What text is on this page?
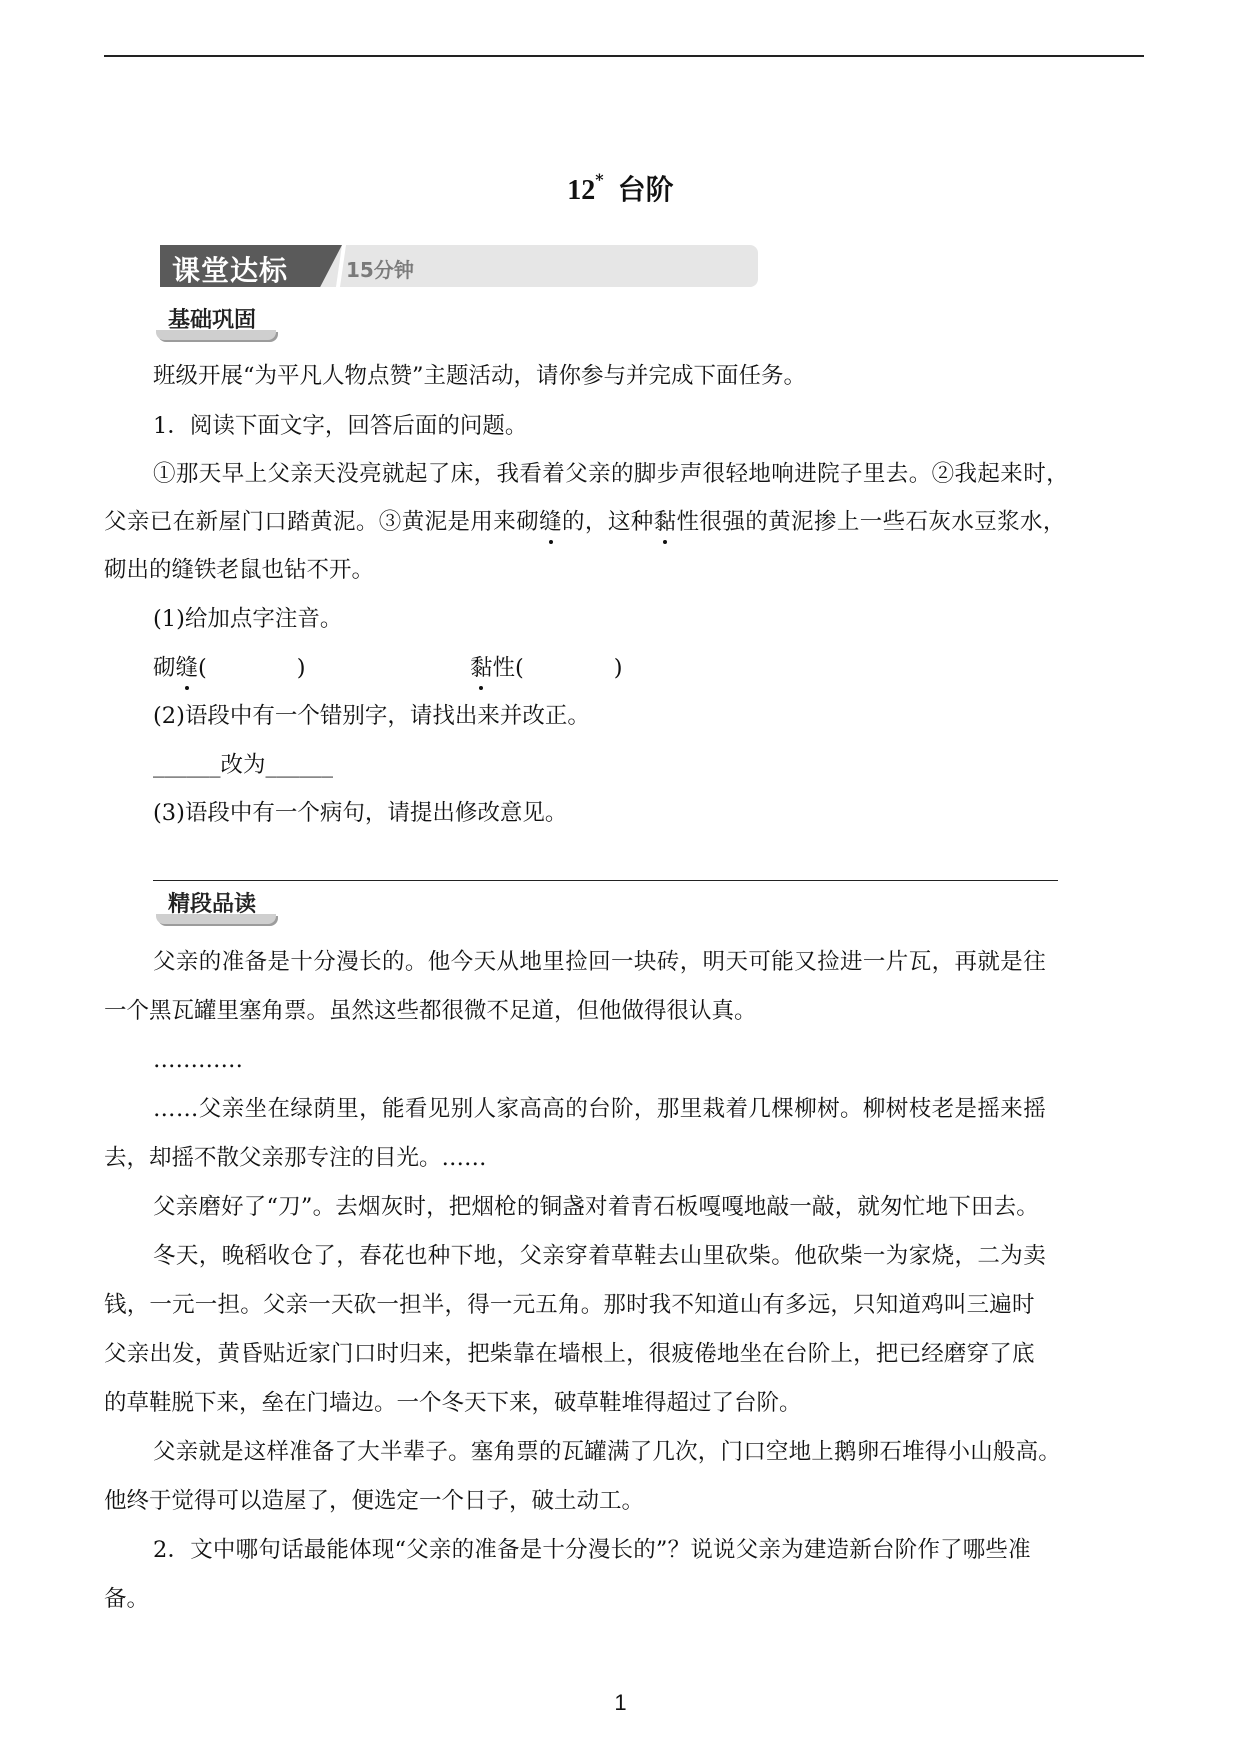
12* 台阶
课堂达标	15分钟
基础巩固
班级开展“为平凡人物点赞”主题活动，请你参与并完成下面任务。
1．阅读下面文字，回答后面的问题。
①那天早上父亲天没亮就起了床，我看着父亲的脚步声很轻地响进院子里去。②我起来时，
父亲已在新屋门口踏黄泥。③黄泥是用来砌缝的，这种黏性很强的黄泥掺上一些石灰水豆浆水，
砌出的缝铁老鼠也钻不开。
(1)给加点字注音。
砌缝(　　　　)	黏性(　　　　)
(2)语段中有一个错别字，请找出来并改正。
______改为______
(3)语段中有一个病句，请提出修改意见。
精段品读
父亲的准备是十分漫长的。他今天从地里捡回一块砖，明天可能又捡进一片瓦，再就是往
一个黑瓦罐里塞角票。虽然这些都很微不足道，但他做得很认真。
…………
……父亲坐在绿荫里，能看见别人家高高的台阶，那里栽着几棵柳树。柳树枝老是摇来摇
去，却摇不散父亲那专注的目光。……
父亲磨好了“刀”。去烟灰时，把烟枪的铜盏对着青石板嘎嘎地敲一敲，就匆忙地下田去。
冬天，晚稻收仓了，春花也种下地，父亲穿着草鞋去山里砍柴。他砍柴一为家烧，二为卖
钱，一元一担。父亲一天砍一担半，得一元五角。那时我不知道山有多远，只知道鸡叫三遍时
父亲出发，黄昏贴近家门口时归来，把柴靠在墙根上，很疲倦地坐在台阶上，把已经磨穿了底
的草鞋脱下来，垒在门墙边。一个冬天下来，破草鞋堆得超过了台阶。
父亲就是这样准备了大半辈子。塞角票的瓦罐满了几次，门口空地上鹅卵石堆得小山般高。
他终于觉得可以造屋了，便选定一个日子，破土动工。
2．文中哪句话最能体现“父亲的准备是十分漫长的”？说说父亲为建造新台阶作了哪些准
备。
1
